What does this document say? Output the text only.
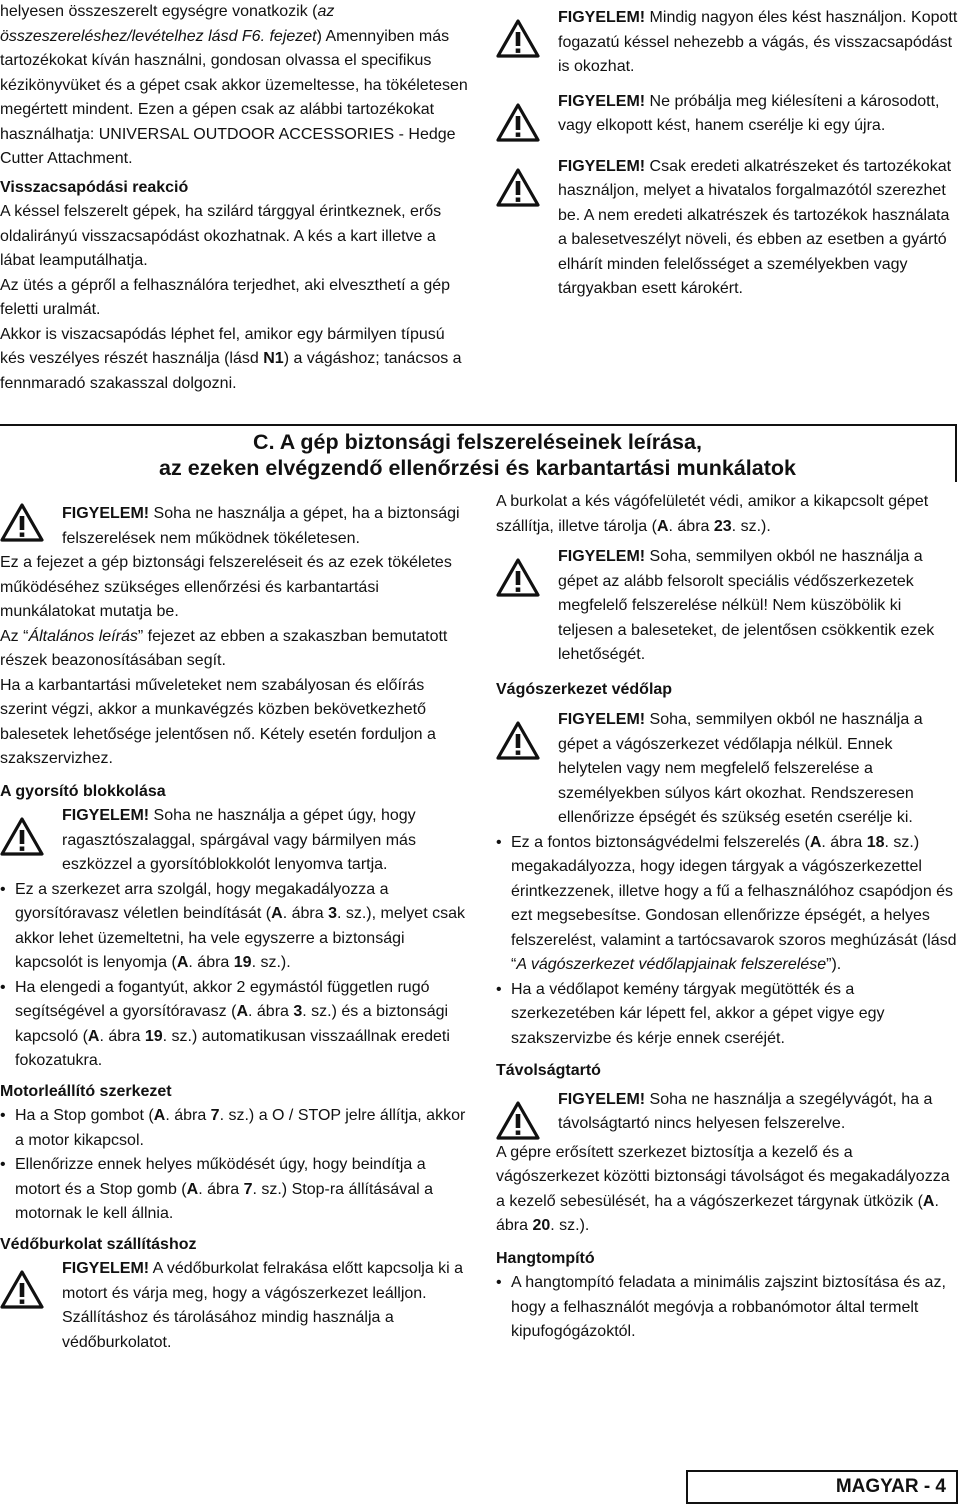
helyesen összeszerelt egységre vonatkozik (az összeszereléshez/levételhez lásd F6. fejezet) Amennyiben más tartozékokat kíván használni, gondosan olvassa el specifikus kézikönyvüket és a gépet csak akkor üzemeltesse, ha tökéletesen megértett mindent. Ezen a gépen csak az alábbi tartozékokat használhatja: UNIVERSAL OUTDOOR ACCESSORIES - Hedge Cutter Attachment.

Visszacsapódási reakció

A késsel felszerelt gépek, ha szilárd tárggyal érintkeznek, erős oldalirányú visszacsapódást okozhatnak. A kés a kart illetve a lábat leamputálhatja.

Az ütés a gépről a felhasználóra terjedhet, aki elveszthetí a gép feletti uralmát.

Akkor is viszacsapódás léphet fel, amikor egy bármilyen típusú kés veszélyes részét használja (lásd N1) a vágáshoz; tanácsos a fennmaradó szakasszal dolgozni.

FIGYELEM! Mindig nagyon éles kést használjon. Kopott fogazatú késsel nehezebb a vágás, és visszacsapódást is okozhat.

FIGYELEM! Ne próbálja meg kiélesíteni a károsodott, vagy elkopott kést, hanem cserélje ki egy újra.

FIGYELEM! Csak eredeti alkatrészeket és tartozékokat használjon, melyet a hivatalos forgalmazótól szerezhet be. A nem eredeti alkatrészek és tartozékok használata a balesetveszélyt növeli, és ebben az esetben a gyártó elhárít minden felelősséget a személyekben vagy tárgyakban esett károkért.

C. A gép biztonsági felszereléseinek leírása,
az ezeken elvégzendő ellenőrzési és karbantartási munkálatok

FIGYELEM! Soha ne használja a gépet, ha a biztonsági felszerelések nem működnek tökéletesen.

Ez a fejezet a gép biztonsági felszereléseit és az ezek tökéletes működéséhez szükséges ellenőrzési és karbantartási munkálatokat mutatja be.

Az “Általános leírás” fejezet az ebben a szakaszban bemutatott részek beazonosításában segít.

Ha a karbantartási műveleteket nem szabályosan és előírás szerint végzi, akkor a munkavégzés közben bekövetkezhető balesetek lehetősége jelentősen nő. Kétely esetén forduljon a szakszervizhez.

A gyorsító blokkolása

FIGYELEM! Soha ne használja a gépet úgy, hogy ragasztószalaggal, spárgával vagy bármilyen más eszközzel a gyorsítóblokkolót lenyomva tartja.

• Ez a szerkezet arra szolgál, hogy megakadályozza a gyorsítóravasz véletlen beindítását (A. ábra 3. sz.), melyet csak akkor lehet üzemeltetni, ha vele egyszerre a biztonsági kapcsolót is lenyomja (A. ábra 19. sz.).
• Ha elengedi a fogantyút, akkor 2 egymástól független rugó segítségével a gyorsítóravasz (A. ábra 3. sz.) és a biztonsági kapcsoló (A. ábra 19. sz.) automatikusan visszaállnak eredeti fokozatukra.

Motorleállító szerkezet

• Ha a Stop gombot (A. ábra 7. sz.) a O / STOP jelre állítja, akkor a motor kikapcsol.
• Ellenőrizze ennek helyes működését úgy, hogy beindítja a motort és a Stop gomb (A. ábra 7. sz.) Stop-ra állításával a motornak le kell állnia.

Védőburkolat szállításhoz

FIGYELEM! A védőburkolat felrakása előtt kapcsolja ki a motort és várja meg, hogy a vágószerkezet leálljon. Szállításhoz és tárolásához mindig használja a védőburkolatot.

A burkolat a kés vágófelületét védi, amikor a kikapcsolt gépet szállítja, illetve tárolja (A. ábra 23. sz.).

FIGYELEM! Soha, semmilyen okból ne használja a gépet az alább felsorolt speciális védőszerkezetek megfelelő felszerelése nélkül! Nem küszöbölik ki teljesen a baleseteket, de jelentősen csökkentik ezek lehetőségét.

Vágószerkezet védőlap

FIGYELEM! Soha, semmilyen okból ne használja a gépet a vágószerkezet védőlapja nélkül. Ennek helytelen vagy nem megfelelő felszerelése a személyekben súlyos kárt okozhat. Rendszeresen ellenőrizze épségét és szükség esetén cserélje ki.

• Ez a fontos biztonságvédelmi felszerelés (A. ábra 18. sz.) megakadályozza, hogy idegen tárgyak a vágószerkezettel érintkezzenek, illetve hogy a fű a felhasználóhoz csapódjon és ezt megsebesítse. Gondosan ellenőrizze épségét, a helyes felszerelést, valamint a tartócsavarok szoros meghúzását (lásd “A vágószerkezet védőlapjainak felszerelése”).
• Ha a védőlapot kemény tárgyak megütötték és a szerkezetében kár lépett fel, akkor a gépet vigye egy szakszervizbe és kérje ennek cseréjét.

Távolságtartó

FIGYELEM! Soha ne használja a szegélyvágót, ha a távolságtartó nincs helyesen felszerelve.

A gépre erősített szerkezet biztosítja a kezelő és a vágószerkezet közötti biztonsági távolságot és megakadályozza a kezelő sebesülését, ha a vágószerkezet tárgynak ütközik (A. ábra 20. sz.).

Hangtompító

• A hangtompító feladata a minimális zajszint biztosítása és az, hogy a felhasználót megóvja a robbanómotor által termelt kipufogógázoktól.
MAGYAR - 4
